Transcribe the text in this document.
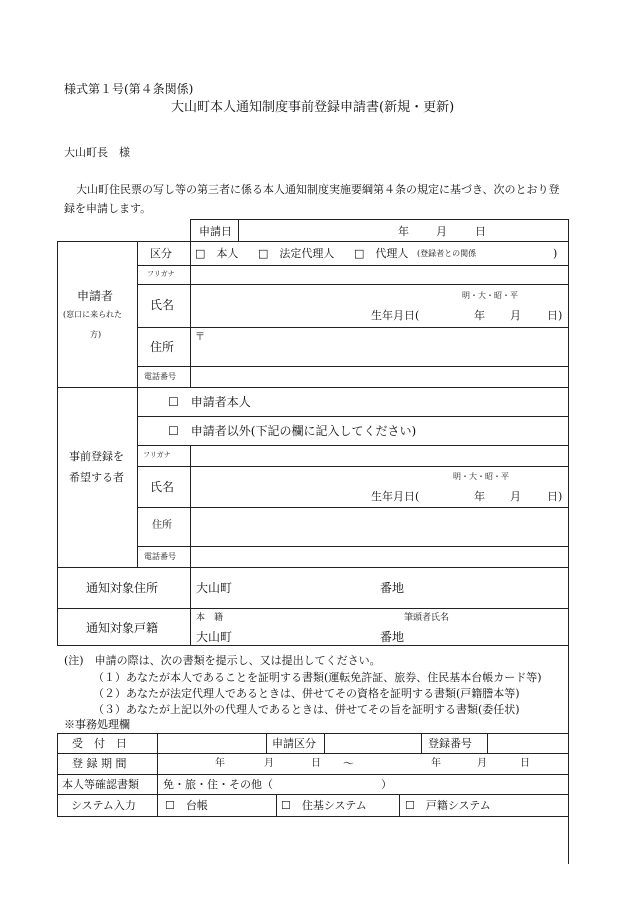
様式第１号(第４条関係)
大山町本人通知制度事前登録申請書(新規・更新)
大山町長　様
大山町住民票の写し等の第三者に係る本人通知制度実施要綱第４条の規定に基づき、次のとおり登
録を申請します。
申請日	年 月	日
申請者
(窓口に来られた
方)
区分 □　本人 □　法定代理人 □　代理人 (登録者との関係	)
フリガナ
氏名
明・大・昭・平
生年月日(	年 月 日)
住所
〒
電話番号
事前登録を
希望する者
☐　申請者本人
☐　申請者以外(下記の欄に記入してください)
フリガナ
氏名
明・大・昭・平
生年月日(	年 月 日)
住所
電話番号
通知対象住所	大山町	番地
通知対象戸籍
本　籍	筆頭者氏名
大山町	番地
(注)　申請の際は、次の書類を提示し、又は提出してください。
（１）あなたが本人であることを証明する書類(運転免許証、旅券、住民基本台帳カード等)
（２）あなたが法定代理人であるときは、併せてその資格を証明する書類(戸籍謄本等)
（３）あなたが上記以外の代理人であるときは、併せてその旨を証明する書類(委任状)
※事務処理欄
受　付　日	申請区分	登録番号
登 録 期 間	年	月	日 ～	年	月	日
本人等確認書類 免・旅・住・その他（	）
システム入力	☐　台帳	☐　住基システム	☐　戸籍システム
